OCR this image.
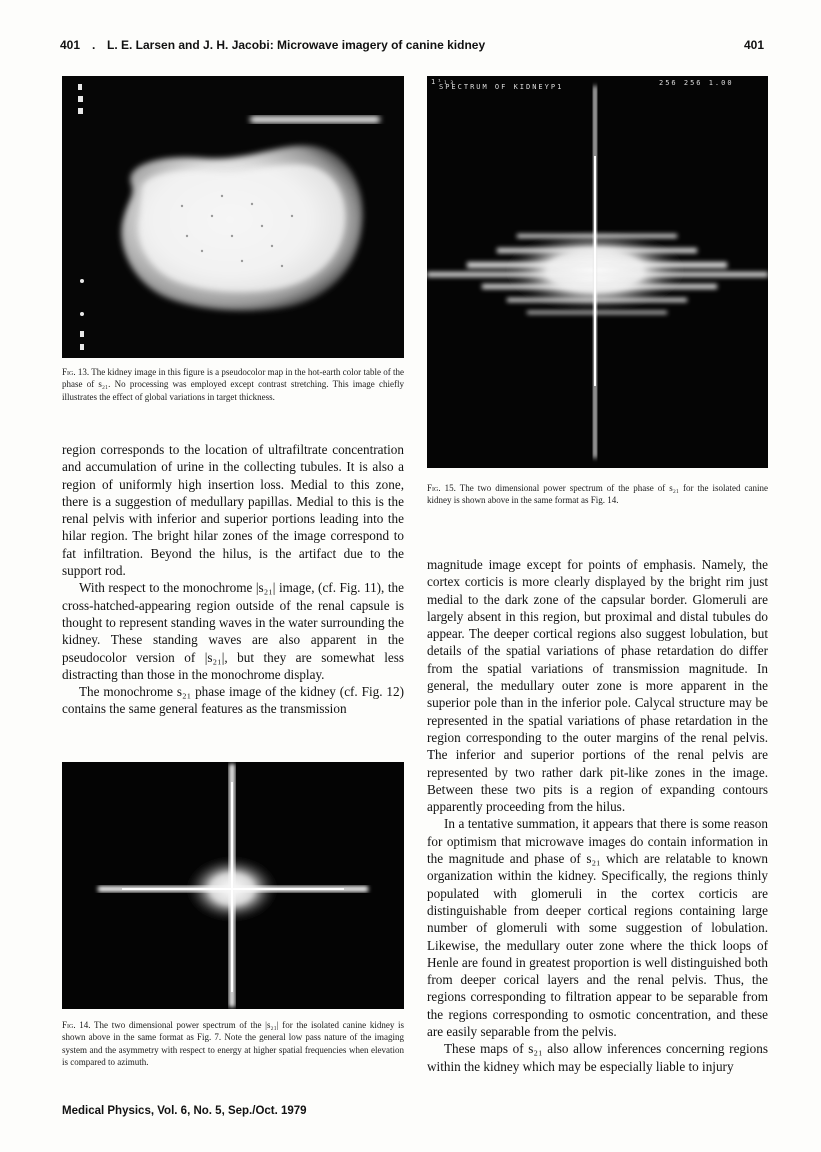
401 . L. E. Larsen and J. H. Jacobi: Microwave imagery of canine kidney	401
Fig. 13. The kidney image in this figure is a pseudocolor map in the hot-earth color table of the phase of s₂₁. No processing was employed except contrast stretching. This image chiefly illustrates the effect of global variations in target thickness.
1¹₁₃
SPECTRUM OF KIDNEYP1	256 256 1.00
Fig. 15. The two dimensional power spectrum of the phase of s₂₁ for the isolated canine kidney is shown above in the same format as Fig. 14.

region corresponds to the location of ultrafiltrate concentration and accumulation of urine in the collecting tubules. It is also a region of uniformly high insertion loss. Medial to this zone, there is a suggestion of medullary papillas. Medial to this is the renal pelvis with inferior and superior portions leading into the hilar region. The bright hilar zones of the image correspond to fat infiltration. Beyond the hilus, is the artifact due to the support rod.

With respect to the monochrome |s₂₁| image, (cf. Fig. 11), the cross-hatched-appearing region outside of the renal capsule is thought to represent standing waves in the water surrounding the kidney. These standing waves are also apparent in the pseudocolor version of |s₂₁|, but they are somewhat less distracting than those in the monochrome display.

The monochrome s₂₁ phase image of the kidney (cf. Fig. 12) contains the same general features as the transmission

Fig. 14. The two dimensional power spectrum of the |s₂₁| for the isolated canine kidney is shown above in the same format as Fig. 7. Note the general low pass nature of the imaging system and the asymmetry with respect to energy at higher spatial frequencies when elevation is compared to azimuth.

magnitude image except for points of emphasis. Namely, the cortex corticis is more clearly displayed by the bright rim just medial to the dark zone of the capsular border. Glomeruli are largely absent in this region, but proximal and distal tubules do appear. The deeper cortical regions also suggest lobulation, but details of the spatial variations of phase retardation do differ from the spatial variations of transmission magnitude. In general, the medullary outer zone is more apparent in the superior pole than in the inferior pole. Calycal structure may be represented in the spatial variations of phase retardation in the region corresponding to the outer margins of the renal pelvis. The inferior and superior portions of the renal pelvis are represented by two rather dark pit-like zones in the image. Between these two pits is a region of expanding contours apparently proceeding from the hilus.

In a tentative summation, it appears that there is some reason for optimism that microwave images do contain information in the magnitude and phase of s₂₁ which are relatable to known organization within the kidney. Specifically, the regions thinly populated with glomeruli in the cortex corticis are distinguishable from deeper cortical regions containing large number of glomeruli with some suggestion of lobulation. Likewise, the medullary outer zone where the thick loops of Henle are found in greatest proportion is well distinguished both from deeper corical layers and the renal pelvis. Thus, the regions corresponding to filtration appear to be separable from the regions corresponding to osmotic concentration, and these are easily separable from the pelvis.

These maps of s₂₁ also allow inferences concerning regions within the kidney which may be especially liable to injury

Medical Physics, Vol. 6, No. 5, Sep./Oct. 1979
